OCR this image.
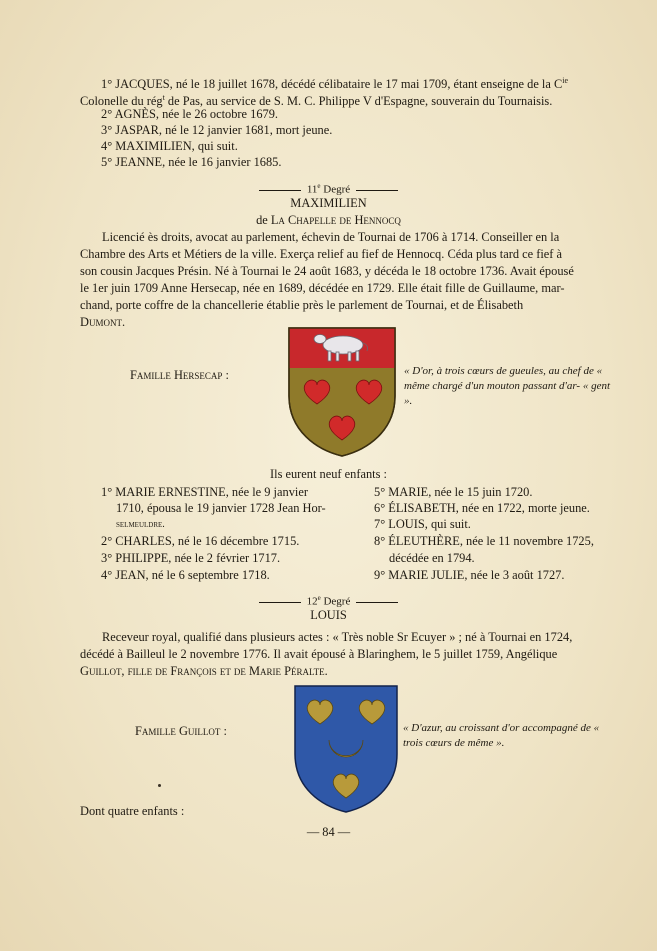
1° JACQUES, né le 18 juillet 1678, décédé célibataire le 17 mai 1709, étant enseigne de la $C^{ie}$
Colonelle du rég$^t$ de Pas, au service de S. M. C. Philippe V d'Espagne, souverain du Tournaisis.
2° AGNÈS, née le 26 octobre 1679.
3° JASPAR, né le 12 janvier 1681, mort jeune.
4° MAXIMILIEN, qui suit.
5° JEANNE, née le 16 janvier 1685.
11e Degré
MAXIMILIEN
de La Chapelle de Hennocq
Licencié ès droits, avocat au parlement, échevin de Tournai de 1706 à 1714. Conseiller en la
Chambre des Arts et Métiers de la ville. Exerça relief au fief de Hennocq. Céda plus tard ce fief à
son cousin Jacques Présin. Né à Tournai le 24 août 1683, y décéda le 18 octobre 1736. Avait épousé
le 1er juin 1709 Anne Hersecap, née en 1689, décédée en 1729. Elle était fille de Guillaume, mar-
chand, porte coffre de la chancellerie établie près le parlement de Tournai, et de Élisabeth
Dumont.
Famille Hersecap :	« D'or, à trois cœurs de gueules, au chef de « même chargé d'un mouton passant d'ar- « gent ».
Ils eurent neuf enfants :
1° MARIE ERNESTINE, née le 9 janvier
1710, épousa le 19 janvier 1728 Jean Hor-
selmeuldre.
2° CHARLES, né le 16 décembre 1715.
3° PHILIPPE, née le 2 février 1717.
4° JEAN, né le 6 septembre 1718.
5° MARIE, née le 15 juin 1720.
6° ÉLISABETH, née en 1722, morte jeune.
7° LOUIS, qui suit.
8° ÉLEUTHÈRE, née le 11 novembre 1725,
décédée en 1794.
9° MARIE JULIE, née le 3 août 1727.
12e Degré
LOUIS
Receveur royal, qualifié dans plusieurs actes : « Très noble Sr Ecuyer » ; né à Tournai en 1724,
décédé à Bailleul le 2 novembre 1776. Il avait épousé à Blaringhem, le 5 juillet 1759, Angélique
Guillot, fille de François et de Marie Péralte.
Famille Guillot :	« D'azur, au croissant d'or accompagné de « trois cœurs de même ».
Dont quatre enfants :
— 84 —
